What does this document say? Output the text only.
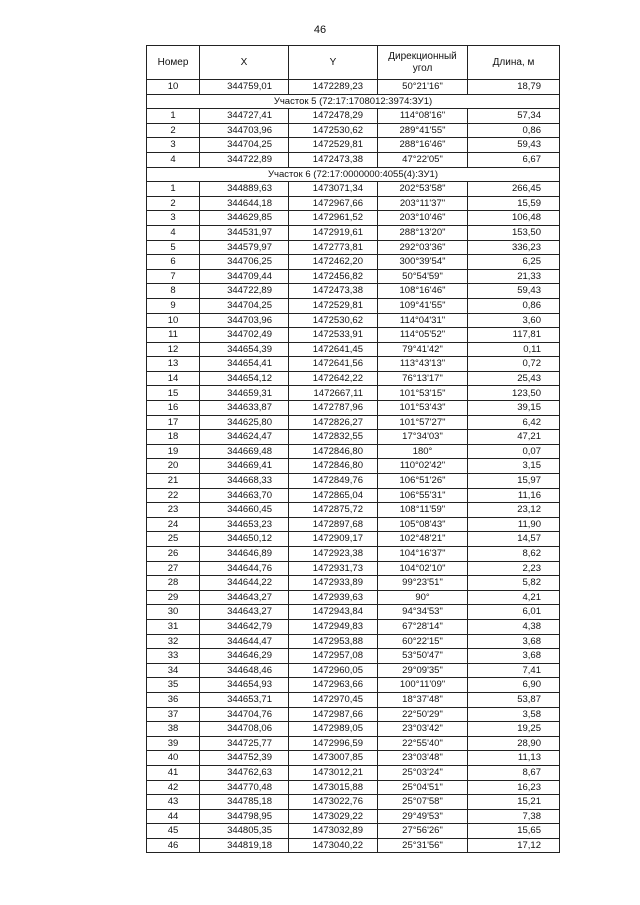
46
Номер	X	Y	Дирекционный угол	Длина, м
10	344759,01	1472289,23	50°21'16"	18,79
Участок 5 (72:17:1708012:3974:ЗУ1)				
1	344727,41	1472478,29	114°08'16"	57,34
2	344703,96	1472530,62	289°41'55"	0,86
3	344704,25	1472529,81	288°16'46"	59,43
4	344722,89	1472473,38	47°22'05"	6,67
Участок 6 (72:17:0000000:4055(4):ЗУ1)				
1	344889,63	1473071,34	202°53'58"	266,45
2	344644,18	1472967,66	203°11'37"	15,59
3	344629,85	1472961,52	203°10'46"	106,48
4	344531,97	1472919,61	288°13'20"	153,50
5	344579,97	1472773,81	292°03'36"	336,23
6	344706,25	1472462,20	300°39'54"	6,25
7	344709,44	1472456,82	50°54'59"	21,33
8	344722,89	1472473,38	108°16'46"	59,43
9	344704,25	1472529,81	109°41'55"	0,86
10	344703,96	1472530,62	114°04'31"	3,60
11	344702,49	1472533,91	114°05'52"	117,81
12	344654,39	1472641,45	79°41'42"	0,11
13	344654,41	1472641,56	113°43'13"	0,72
14	344654,12	1472642,22	76°13'17"	25,43
15	344659,31	1472667,11	101°53'15"	123,50
16	344633,87	1472787,96	101°53'43"	39,15
17	344625,80	1472826,27	101°57'27"	6,42
18	344624,47	1472832,55	17°34'03"	47,21
19	344669,48	1472846,80	180°	0,07
20	344669,41	1472846,80	110°02'42"	3,15
21	344668,33	1472849,76	106°51'26"	15,97
22	344663,70	1472865,04	106°55'31"	11,16
23	344660,45	1472875,72	108°11'59"	23,12
24	344653,23	1472897,68	105°08'43"	11,90
25	344650,12	1472909,17	102°48'21"	14,57
26	344646,89	1472923,38	104°16'37"	8,62
27	344644,76	1472931,73	104°02'10"	2,23
28	344644,22	1472933,89	99°23'51"	5,82
29	344643,27	1472939,63	90°	4,21
30	344643,27	1472943,84	94°34'53"	6,01
31	344642,79	1472949,83	67°28'14"	4,38
32	344644,47	1472953,88	60°22'15"	3,68
33	344646,29	1472957,08	53°50'47"	3,68
34	344648,46	1472960,05	29°09'35"	7,41
35	344654,93	1472963,66	100°11'09"	6,90
36	344653,71	1472970,45	18°37'48"	53,87
37	344704,76	1472987,66	22°50'29"	3,58
38	344708,06	1472989,05	23°03'42"	19,25
39	344725,77	1472996,59	22°55'40"	28,90
40	344752,39	1473007,85	23°03'48"	11,13
41	344762,63	1473012,21	25°03'24"	8,67
42	344770,48	1473015,88	25°04'51"	16,23
43	344785,18	1473022,76	25°07'58"	15,21
44	344798,95	1473029,22	29°49'53"	7,38
45	344805,35	1473032,89	27°56'26"	15,65
46	344819,18	1473040,22	25°31'56"	17,12
